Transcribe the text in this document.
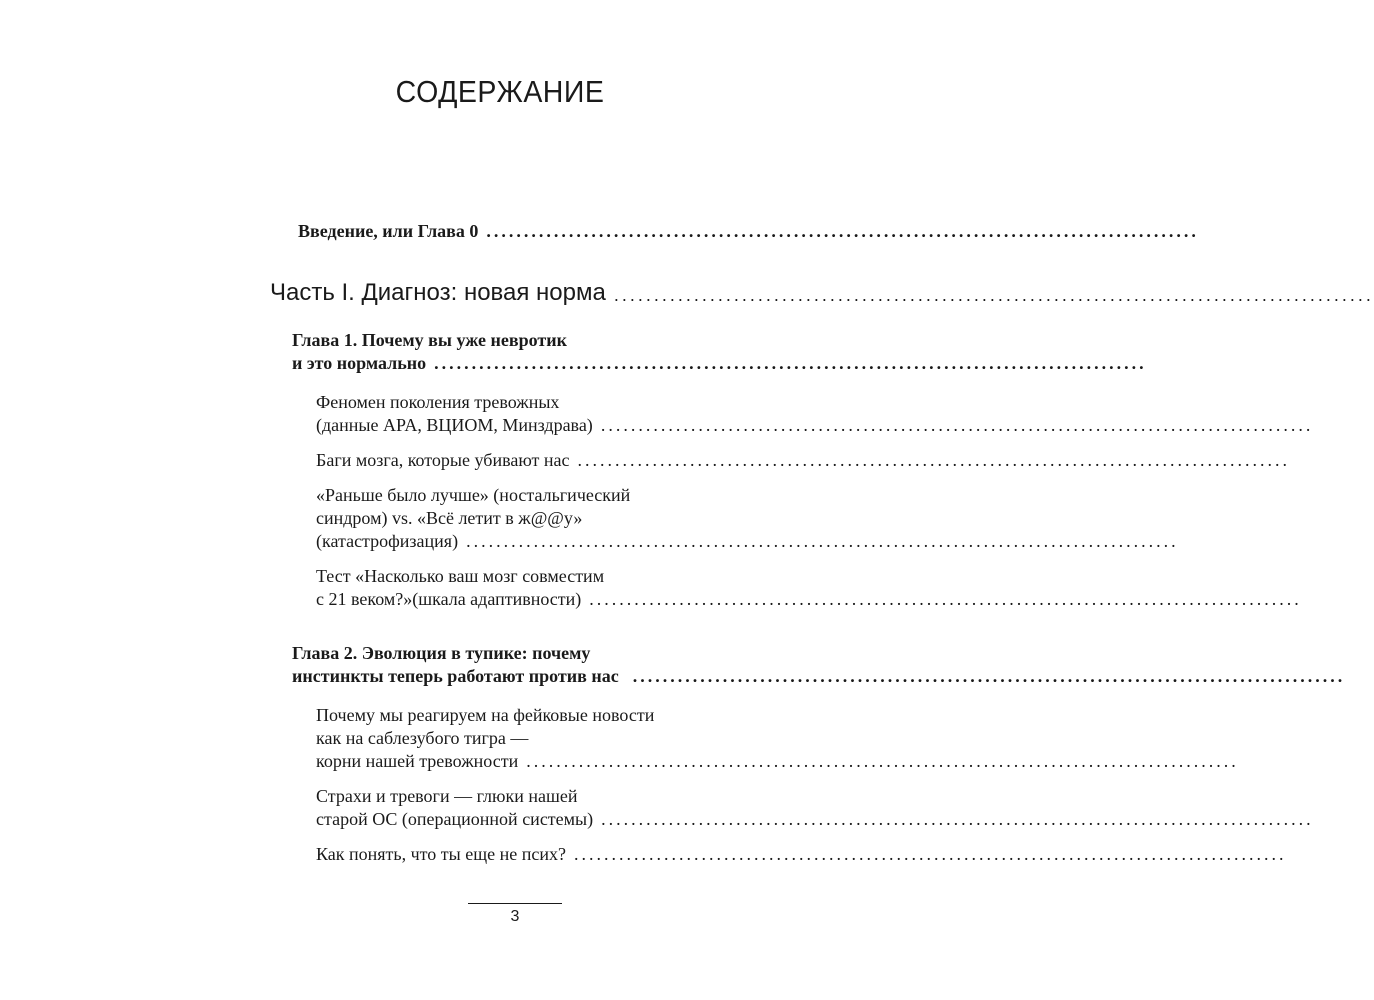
СОДЕРЖАНИЕ
Введение, или Глава 0 ...............................................................................................
Часть I. Диагноз: новая норма ...............................................................................................
Глава 1. Почему вы уже невротик
и это нормально ...............................................................................................
Феномен поколения тревожных
(данные APA, ВЦИОМ, Минздрава) ...............................................................................................
Баги мозга, которые убивают нас ...............................................................................................
«Раньше было лучше» (ностальгический
синдром) vs. «Всё летит в ж@@у»
(катастрофизация) ...............................................................................................
Тест «Насколько ваш мозг совместим
с 21 веком?»(шкала адаптивности) ...............................................................................................
Глава 2. Эволюция в тупике: почему
инстинкты теперь работают против нас ...............................................................................................
Почему мы реагируем на фейковые новости
как на саблезубого тигра —
корни нашей тревожности ...............................................................................................
Страхи и тревоги — глюки нашей
старой ОС (операционной системы) ...............................................................................................
Как понять, что ты еще не псих? ...............................................................................................
3
